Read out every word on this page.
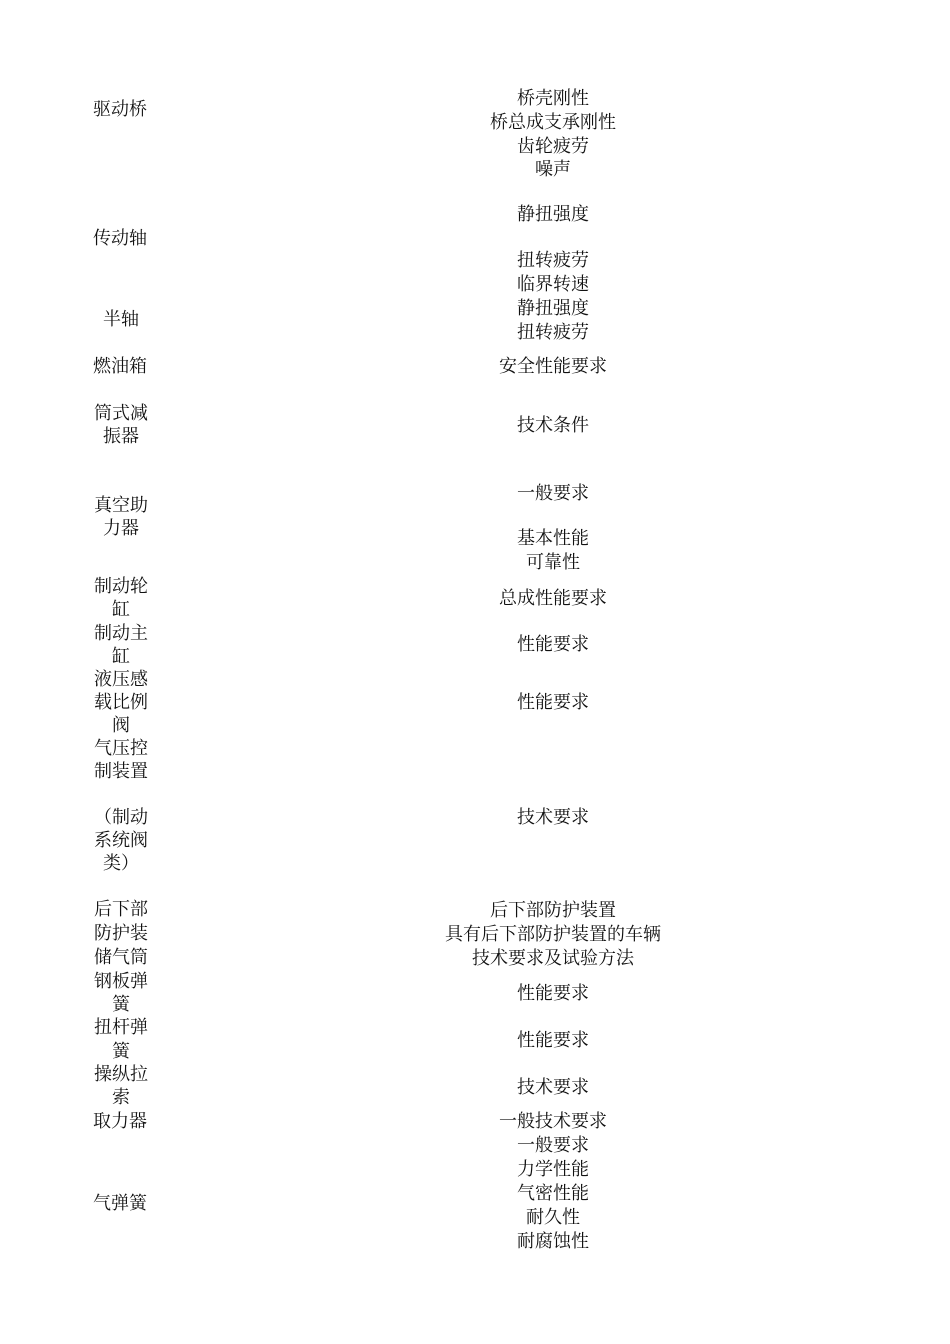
驱动桥
传动轴
半轴
燃油箱
筒式减
振器
真空助
力器
制动轮
缸
制动主
缸
液压感
载比例
阀
气压控
制装置
（制动
系统阀
类）
后下部
防护装
储气筒
钢板弹
簧
扭杆弹
簧
操纵拉
索
取力器
气弹簧
桥壳刚性
桥总成支承刚性
齿轮疲劳
噪声
静扭强度
扭转疲劳
临界转速
静扭强度
扭转疲劳
安全性能要求
技术条件
一般要求
基本性能
可靠性
总成性能要求
性能要求
性能要求
技术要求
后下部防护装置
具有后下部防护装置的车辆
技术要求及试验方法
性能要求
性能要求
技术要求
一般技术要求
一般要求
力学性能
气密性能
耐久性
耐腐蚀性
